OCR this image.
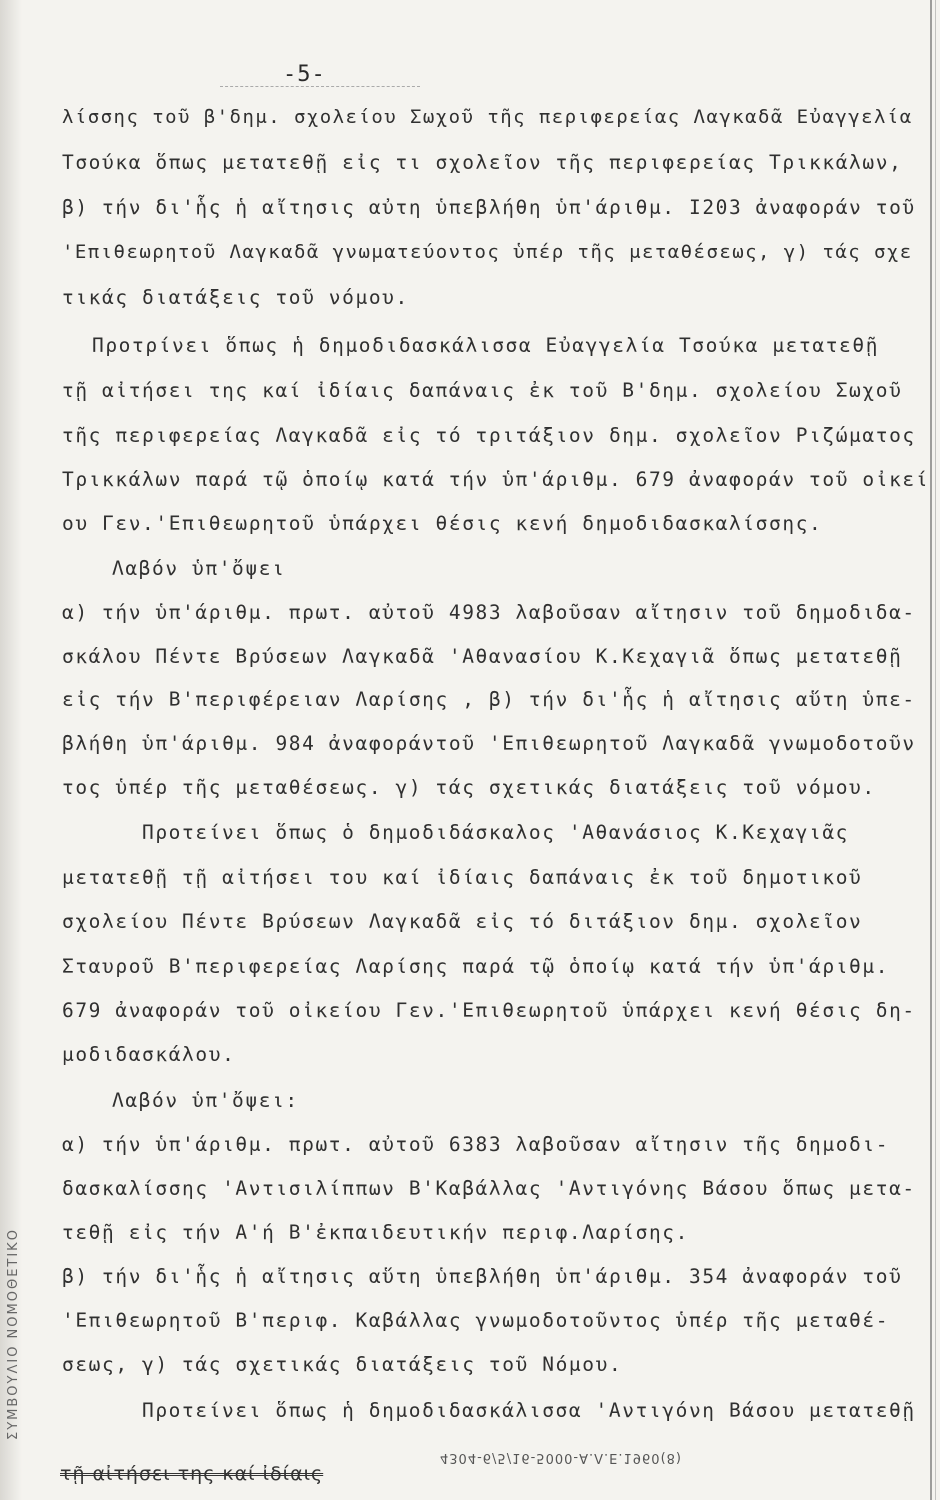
ΣΥΜΒΟΥΛΙΟ ΝΟΜΟΘΕΤΙΚΟ
-5-
λίσσης τοῦ β'δημ. σχολείου Σωχοῦ τῆς περιφερείας Λαγκαδᾶ Εὐαγγελία
Τσούκα ὅπως μετατεθῇ εἰς τι σχολεῖον τῆς περιφερείας Τρικκάλων,
β) τήν δι'ἧς ἡ αἴτησις αὐτη ὑπεβλήθη ὑπ'άριθμ. I203 ἀναφοράν τοῦ
'Επιθεωρητοῦ Λαγκαδᾶ γνωματεύοντος ὑπέρ τῆς μεταθέσεως, γ) τάς σχε
τικάς διατάξεις τοῦ νόμου.
Προτρίνει ὅπως ἡ δημοδιδασκάλισσα Εὐαγγελία Τσούκα μετατεθῇ
τῇ αἰτήσει της καί ἰδίαις δαπάναις ἐκ τοῦ Β'δημ. σχολείου Σωχοῦ
τῆς περιφερείας Λαγκαδᾶ εἰς τό τριτάξιον δημ. σχολεῖον Ριζώματος
Τρικκάλων παρά τῷ ὁποίῳ κατά τήν ὑπ'άριθμ. 679 ἀναφοράν τοῦ οἰκεί
ου Γεν.'Επιθεωρητοῦ ὑπάρχει θέσις κενή δημοδιδασκαλίσσης.
Λαβόν ὑπ'ὄψει
α) τήν ὑπ'άριθμ. πρωτ. αὐτοῦ 4983 λαβοῦσαν αἴτησιν τοῦ δημοδιδα-
σκάλου Πέντε Βρύσεων Λαγκαδᾶ 'Αθανασίου Κ.Κεχαγιᾶ ὅπως μετατεθῇ
εἰς τήν Β'περιφέρειαν Λαρίσης , β) τήν δι'ἧς ἡ αἴτησις αὕτη ὑπε-
βλήθη ὑπ'άριθμ. 984 ἀναφοράντοῦ 'Επιθεωρητοῦ Λαγκαδᾶ γνωμοδοτοῦν
τος ὑπέρ τῆς μεταθέσεως. γ) τάς σχετικάς διατάξεις τοῦ νόμου.
Προτείνει ὅπως ὁ δημοδιδάσκαλος 'Αθανάσιος Κ.Κεχαγιᾶς
μετατεθῇ τῇ αἰτήσει του καί ἰδίαις δαπάναις ἐκ τοῦ δημοτικοῦ
σχολείου Πέντε Βρύσεων Λαγκαδᾶ εἰς τό διτάξιον δημ. σχολεῖον
Σταυροῦ Β'περιφερείας Λαρίσης παρά τῷ ὁποίῳ κατά τήν ὑπ'άριθμ.
679 ἀναφοράν τοῦ οἰκείου Γεν.'Επιθεωρητοῦ ὑπάρχει κενή θέσις δη-
μοδιδασκάλου.
Λαβόν ὑπ'ὄψει:
α) τήν ὑπ'άριθμ. πρωτ. αὐτοῦ 6383 λαβοῦσαν αἴτησιν τῆς δημοδι-
δασκαλίσσης 'Αντισιλίππων Β'Καβάλλας 'Αντιγόνης Βάσου ὅπως μετα-
τεθῇ εἰς τήν Α'ή Β'ἐκπαιδευτικήν περιφ.Λαρίσης.
β) τήν δι'ἧς ἡ αἴτησις αὕτη ὑπεβλήθη ὑπ'άριθμ. 354 ἀναφοράν τοῦ
'Επιθεωρητοῦ Β'περιφ. Καβάλλας γνωμοδοτοῦντος ὑπέρ τῆς μεταθέ-
σεως, γ) τάς σχετικάς διατάξεις τοῦ Νόμου.
Προτείνει ὅπως ἡ δημοδιδασκάλισσα 'Αντιγόνη Βάσου μετατεθῇ
τῇ αἰτήσει της καί ἰδίαις
4304-6/5/16-5000-Α.Λ.Ε.1960(8)
